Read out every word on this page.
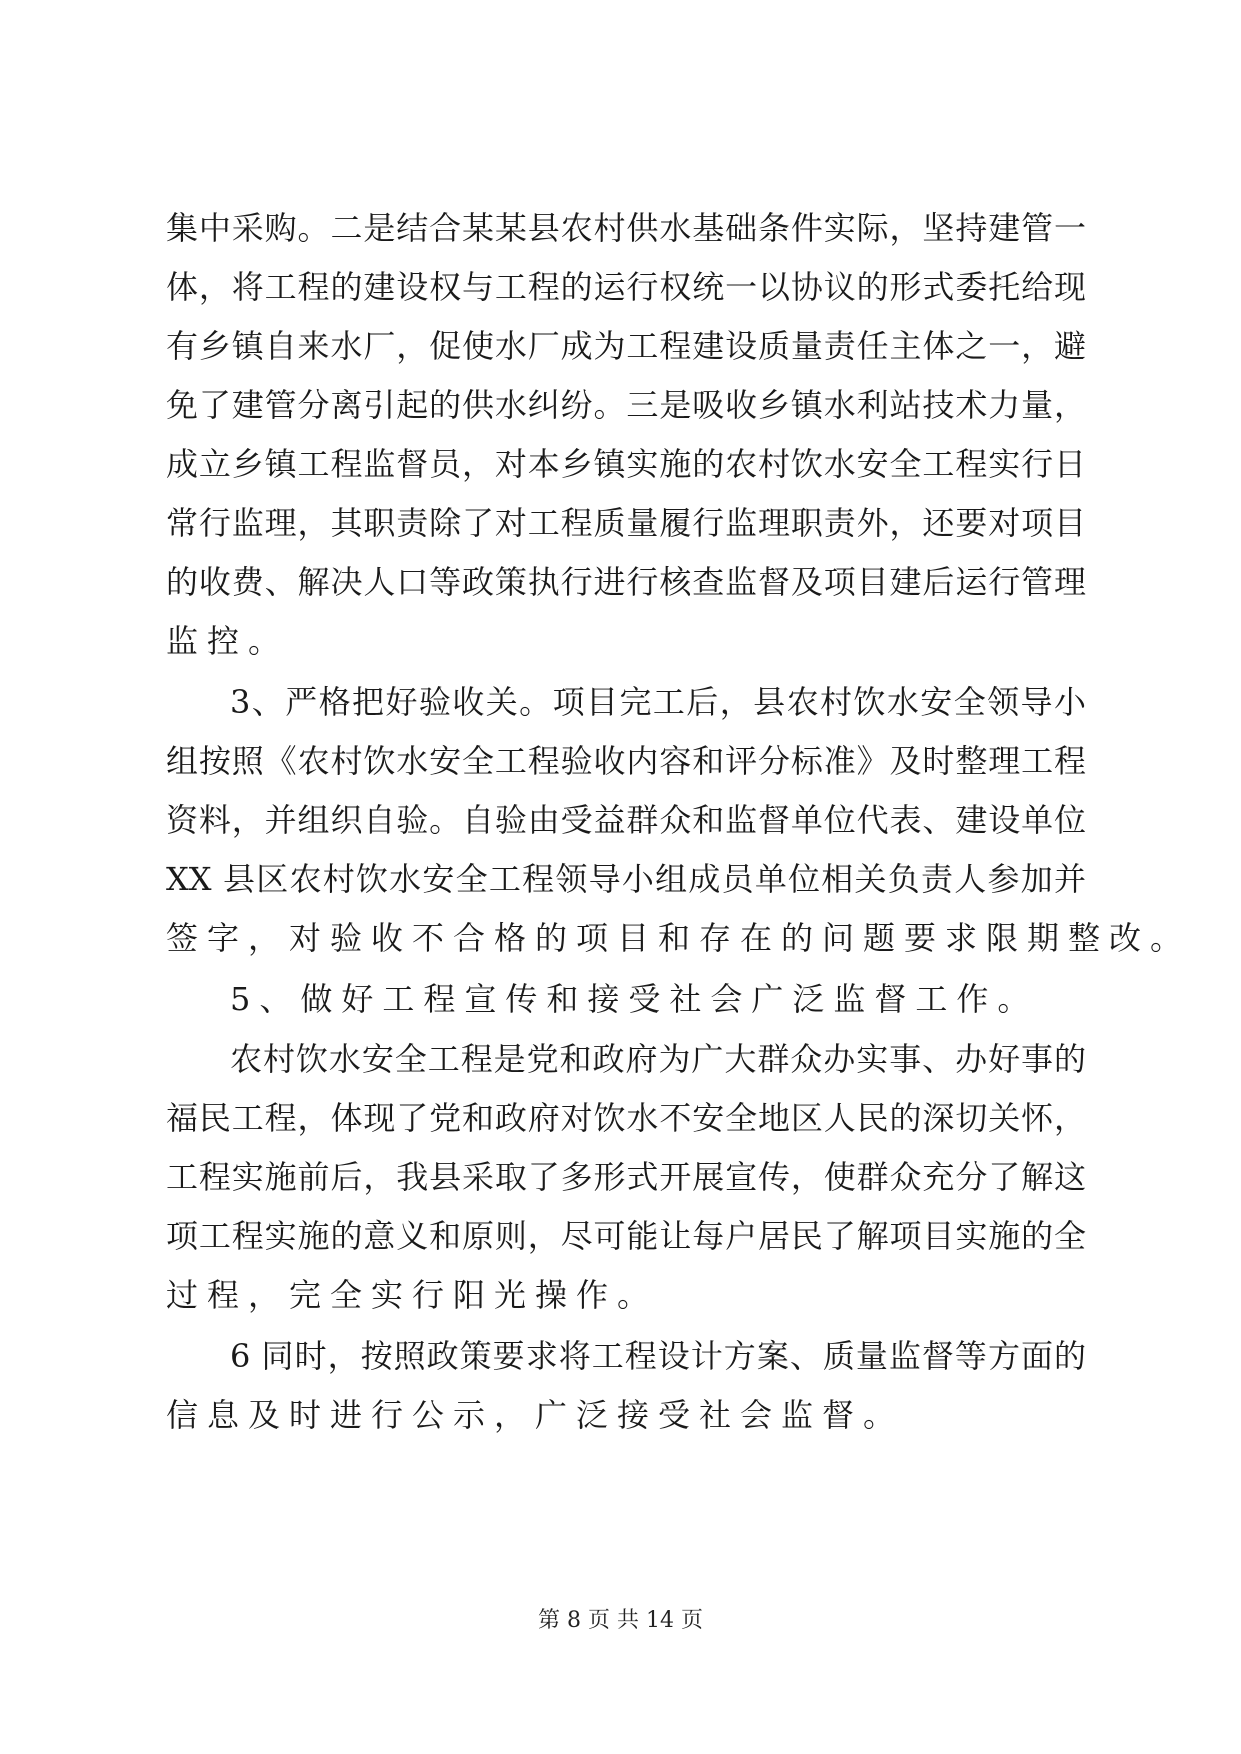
集中采购。二是结合某某县农村供水基础条件实际，坚持建管一
体，将工程的建设权与工程的运行权统一以协议的形式委托给现
有乡镇自来水厂，促使水厂成为工程建设质量责任主体之一，避
免了建管分离引起的供水纠纷。三是吸收乡镇水利站技术力量，
成立乡镇工程监督员，对本乡镇实施的农村饮水安全工程实行日
常行监理，其职责除了对工程质量履行监理职责外，还要对项目
的收费、解决人口等政策执行进行核查监督及项目建后运行管理
监控。
3、严格把好验收关。项目完工后，县农村饮水安全领导小
组按照《农村饮水安全工程验收内容和评分标准》及时整理工程
资料，并组织自验。自验由受益群众和监督单位代表、建设单位
XX 县区农村饮水安全工程领导小组成员单位相关负责人参加并
签字，对验收不合格的项目和存在的问题要求限期整改。
5、做好工程宣传和接受社会广泛监督工作。
农村饮水安全工程是党和政府为广大群众办实事、办好事的
福民工程，体现了党和政府对饮水不安全地区人民的深切关怀，
工程实施前后，我县采取了多形式开展宣传，使群众充分了解这
项工程实施的意义和原则，尽可能让每户居民了解项目实施的全
过程，完全实行阳光操作。
6 同时，按照政策要求将工程设计方案、质量监督等方面的
信息及时进行公示，广泛接受社会监督。
第 8 页 共 14 页
